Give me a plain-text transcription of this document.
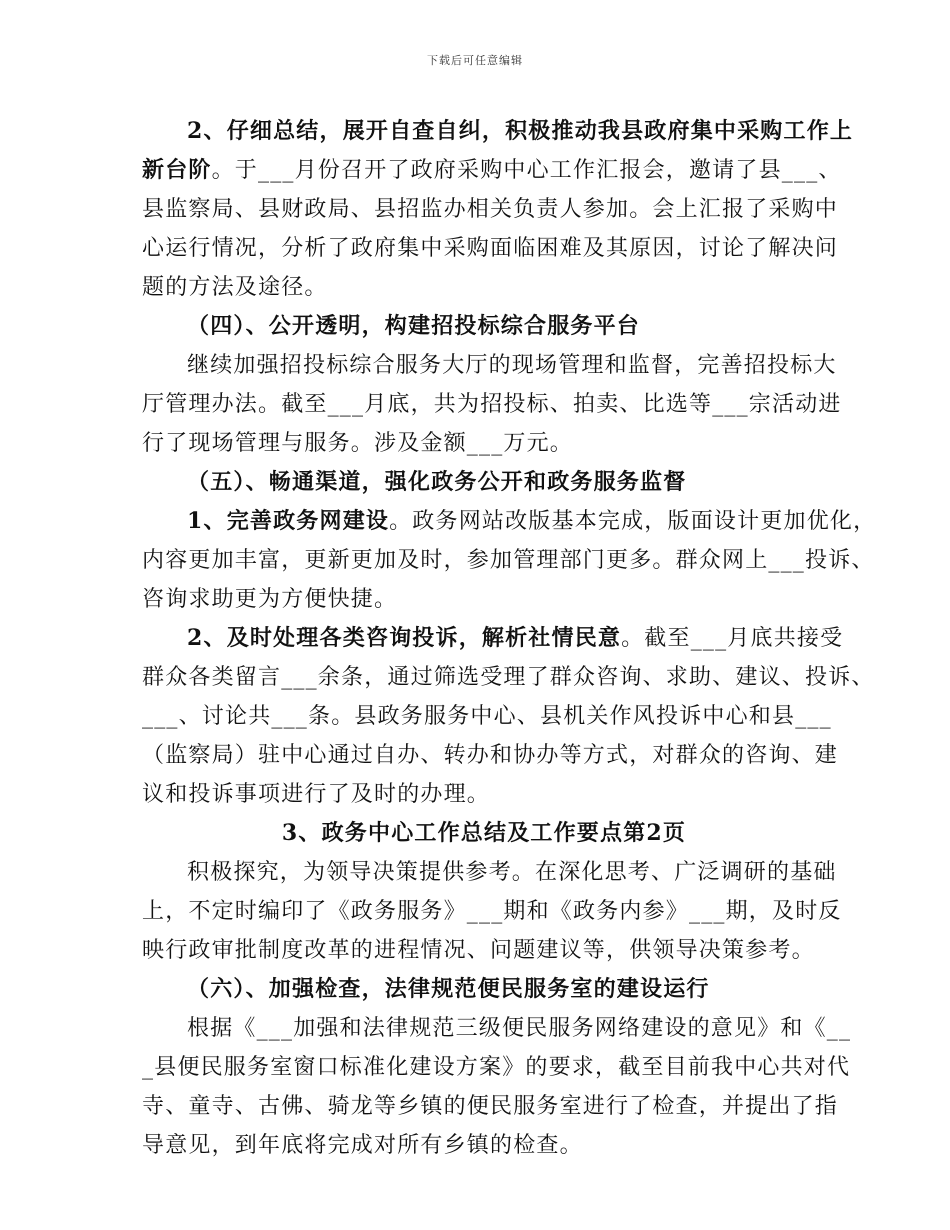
下载后可任意编辑
2、仔细总结，展开自查自纠，积极推动我县政府集中采购工作上
新台阶。于___月份召开了政府采购中心工作汇报会，邀请了县___、
县监察局、县财政局、县招监办相关负责人参加。会上汇报了采购中
心运行情况，分析了政府集中采购面临困难及其原因，讨论了解决问
题的方法及途径。
（四）、公开透明，构建招投标综合服务平台
继续加强招投标综合服务大厅的现场管理和监督，完善招投标大
厅管理办法。截至___月底，共为招投标、拍卖、比选等___宗活动进
行了现场管理与服务。涉及金额___万元。
（五）、畅通渠道，强化政务公开和政务服务监督
1、完善政务网建设。政务网站改版基本完成，版面设计更加优化，
内容更加丰富，更新更加及时，参加管理部门更多。群众网上___投诉、
咨询求助更为方便快捷。
2、及时处理各类咨询投诉，解析社情民意。截至___月底共接受
群众各类留言___余条，通过筛选受理了群众咨询、求助、建议、投诉、
___、讨论共___条。县政务服务中心、县机关作风投诉中心和县___
（监察局）驻中心通过自办、转办和协办等方式，对群众的咨询、建
议和投诉事项进行了及时的办理。
3、政务中心工作总结及工作要点第2页
积极探究，为领导决策提供参考。在深化思考、广泛调研的基础
上，不定时编印了《政务服务》___期和《政务内参》___期，及时反
映行政审批制度改革的进程情况、问题建议等，供领导决策参考。
（六）、加强检查，法律规范便民服务室的建设运行
根据《___加强和法律规范三级便民服务网络建设的意见》和《__
_县便民服务室窗口标准化建设方案》的要求，截至目前我中心共对代
寺、童寺、古佛、骑龙等乡镇的便民服务室进行了检查，并提出了指
导意见，到年底将完成对所有乡镇的检查。
